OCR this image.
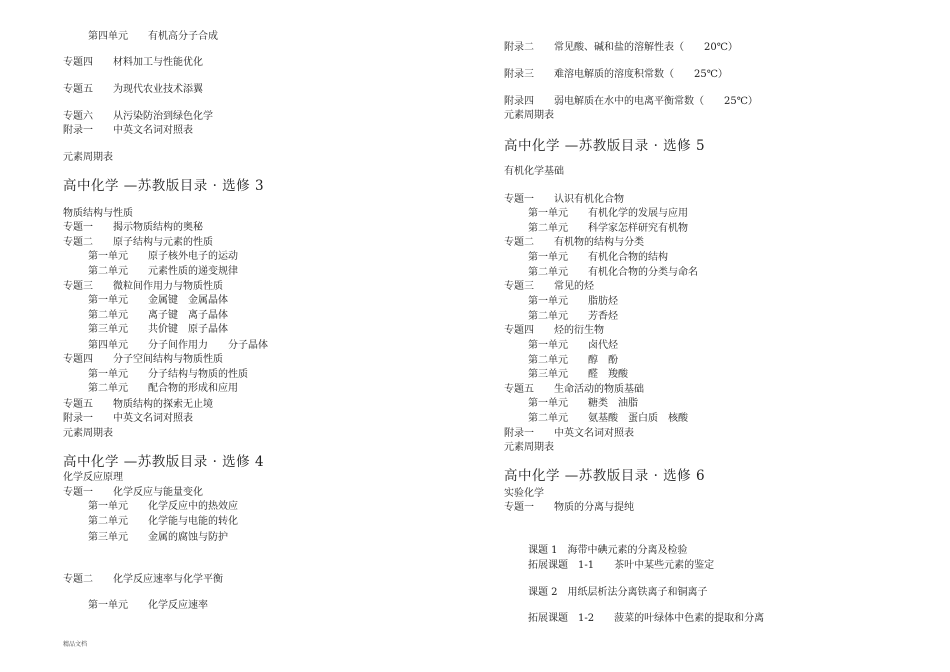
第四单元　　有机高分子合成
专题四　　材料加工与性能优化
专题五　　为现代农业技术添翼
专题六　　从污染防治到绿色化学
附录一　　中英文名词对照表
元素周期表
高中化学 —苏教版目录 · 选修 3
物质结构与性质
专题一　　揭示物质结构的奥秘
专题二　　原子结构与元素的性质
第一单元　　原子核外电子的运动
第二单元　　元素性质的递变规律
专题三　　微粒间作用力与物质性质
第一单元　　金属键　金属晶体
第二单元　　离子键　离子晶体
第三单元　　共价键　原子晶体
第四单元　　分子间作用力　　分子晶体
专题四　　分子空间结构与物质性质
第一单元　　分子结构与物质的性质
第二单元　　配合物的形成和应用
专题五　　物质结构的探索无止境
附录一　　中英文名词对照表
元素周期表
高中化学 —苏教版目录 · 选修 4
化学反应原理
专题一　　化学反应与能量变化
第一单元　　化学反应中的热效应
第二单元　　化学能与电能的转化
第三单元　　金属的腐蚀与防护
专题二　　化学反应速率与化学平衡
第一单元　　化学反应速率
附录二　　常见酸、碱和盐的溶解性表（　　20℃）
附录三　　难溶电解质的溶度积常数（　　25℃）
附录四　　弱电解质在水中的电离平衡常数（　　25℃）
元素周期表
高中化学 —苏教版目录 · 选修 5
有机化学基础
专题一　　认识有机化合物
第一单元　　有机化学的发展与应用
第二单元　　科学家怎样研究有机物
专题二　　有机物的结构与分类
第一单元　　有机化合物的结构
第二单元　　有机化合物的分类与命名
专题三　　常见的烃
第一单元　　脂肪烃
第二单元　　芳香烃
专题四　　烃的衍生物
第一单元　　卤代烃
第二单元　　醇　酚
第三单元　　醛　羧酸
专题五　　生命活动的物质基础
第一单元　　糖类　油脂
第二单元　　氨基酸　蛋白质　核酸
附录一　　中英文名词对照表
元素周期表
高中化学 —苏教版目录 · 选修 6
实验化学
专题一　　物质的分离与提纯
课题 1　海带中碘元素的分离及检验
拓展课题　1-1　　茶叶中某些元素的鉴定
课题 2　用纸层析法分离铁离子和铜离子
拓展课题　1-2　　菠菜的叶绿体中色素的提取和分离
精品文档
